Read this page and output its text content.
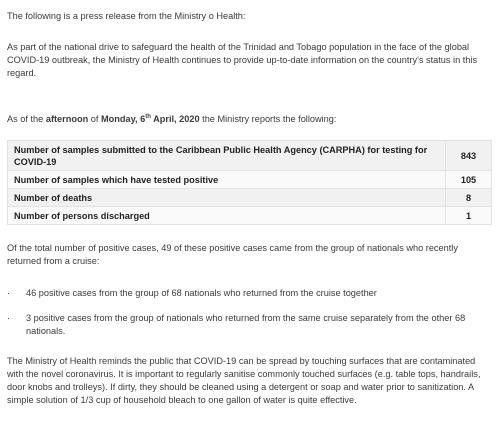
The following is a press release from the Ministry o Health:

As part of the national drive to safeguard the health of the Trinidad and Tobago population in the face of the global COVID-19 outbreak, the Ministry of Health continues to provide up-to-date information on the country's status in this regard.

As of the afternoon of Monday, 6th April, 2020 the Ministry reports the following:

Number of samples submitted to the Caribbean Public Health Agency (CARPHA) for testing for COVID-19	843
Number of samples which have tested positive	105
Number of deaths	8
Number of persons discharged	1

Of the total number of positive cases, 49 of these positive cases came from the group of nationals who recently returned from a cruise:

· 46 positive cases from the group of 68 nationals who returned from the cruise together

· 3 positive cases from the group of nationals who returned from the same cruise separately from the other 68 nationals.

The Ministry of Health reminds the public that COVID-19 can be spread by touching surfaces that are contaminated with the novel coronavirus. It is important to regularly sanitise commonly touched surfaces (e.g. table tops, handrails, door knobs and trolleys). If dirty, they should be cleaned using a detergent or soap and water prior to sanitization. A simple solution of 1/3 cup of household bleach to one gallon of water is quite effective.
